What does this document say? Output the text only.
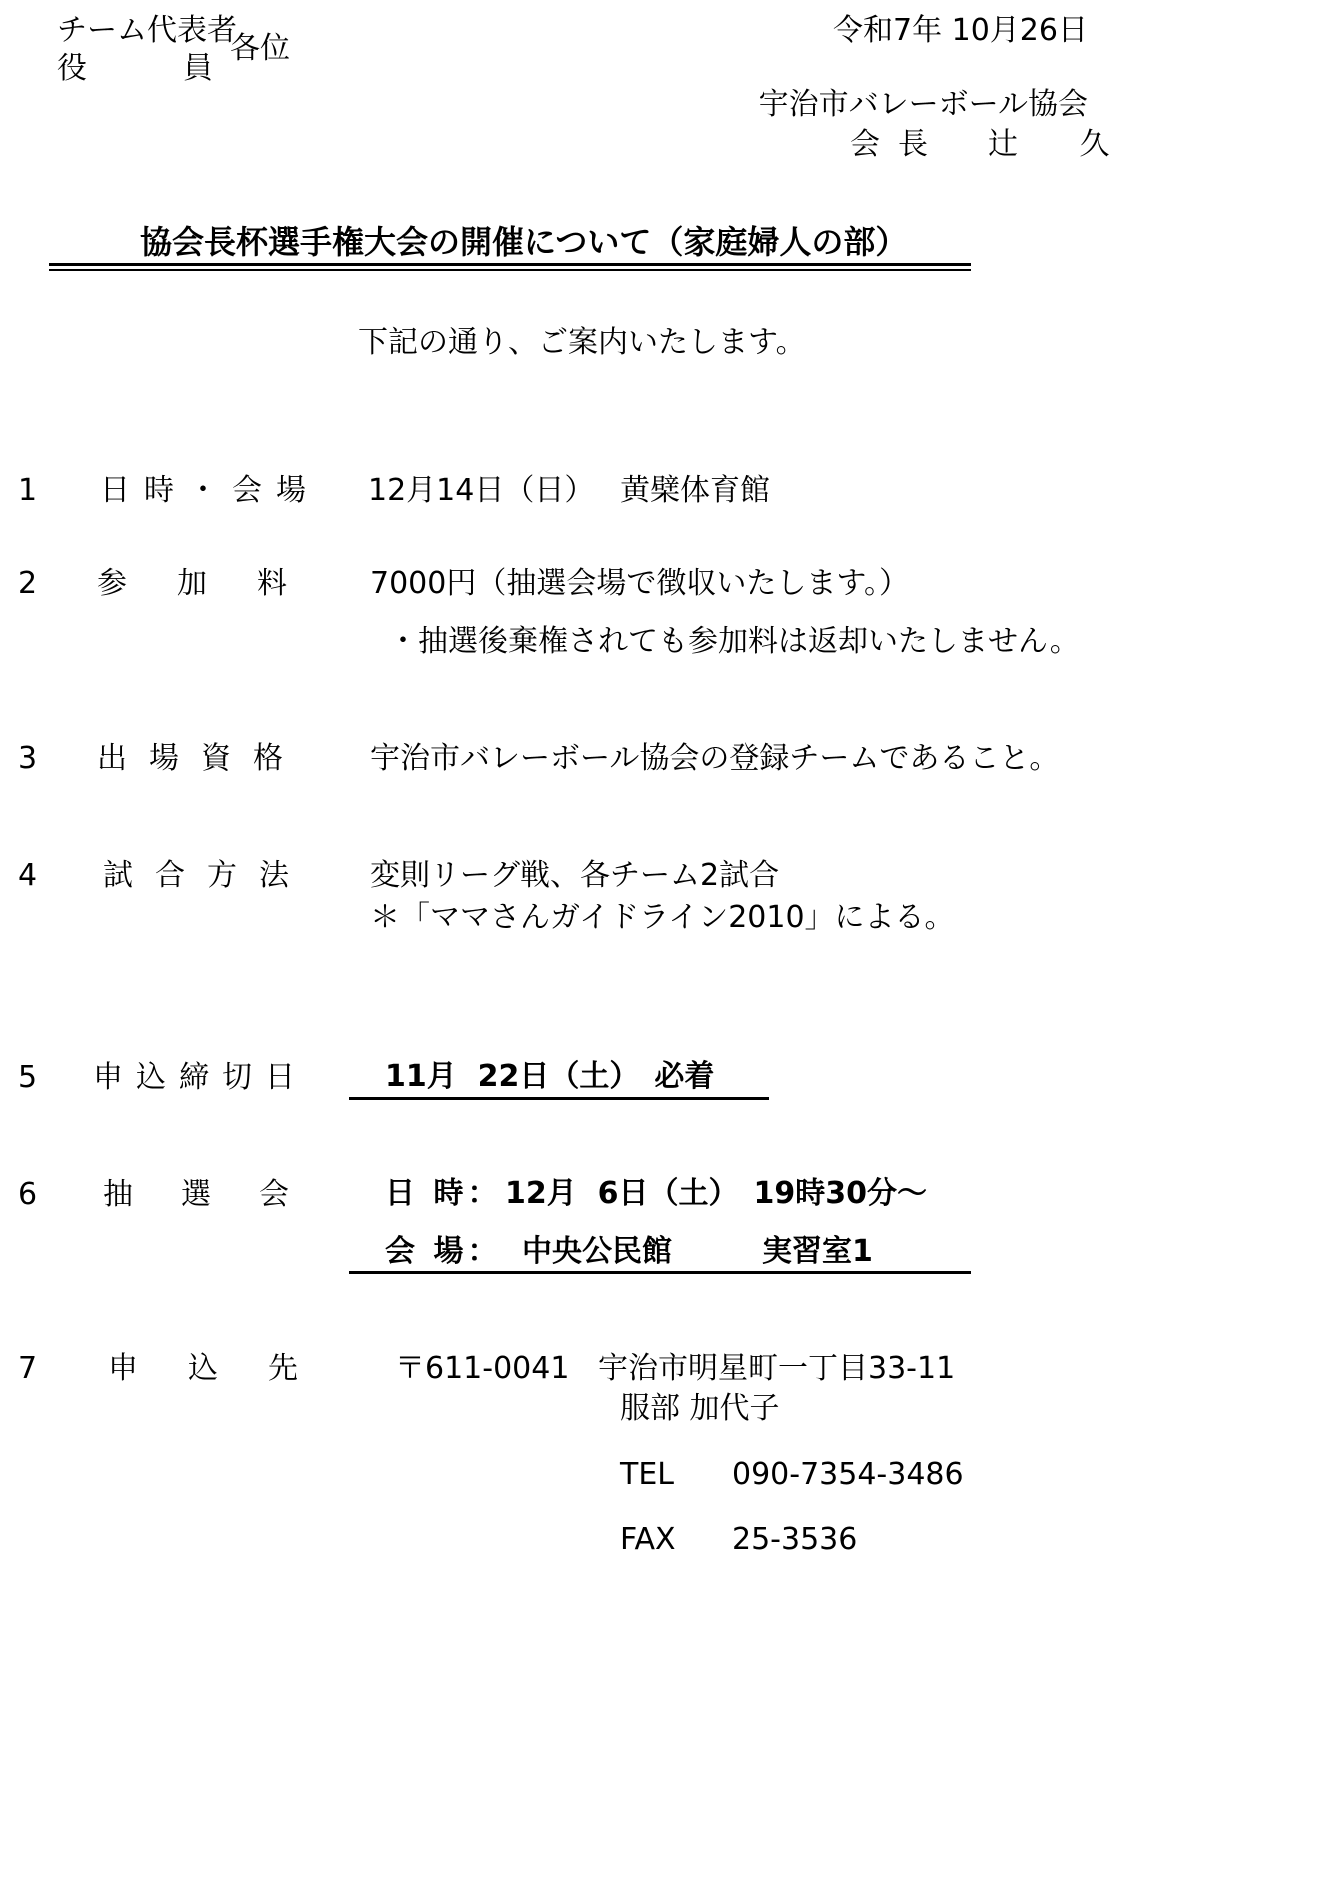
チーム代表者
役	員
各位
令和7年 10月26日
宇治市バレーボール協会
会長 辻 久
協会長杯選手権大会の開催について（家庭婦人の部）
下記の通り、ご案内いたします。
1 日時・会場 12月14日（日） 黄檗体育館
2 参加料 7000円（抽選会場で徴収いたします。）
・抽選後棄権されても参加料は返却いたしません。
3 出場資格 宇治市バレーボール協会の登録チームであること。
4 試合方法 変則リーグ戦、各チーム2試合
＊「ママさんガイドライン2010」による。
5 申込締切日	11月  22日（土）　必着
6 抽選会 日 時： 12月  6日（土）　19時30分～
会 場： 中央公民館　　　実習室1
7 申込先 〒611-0041 宇治市明星町一丁目33-11
服部 加代子
TEL 090-7354-3486
FAX 25-3536
